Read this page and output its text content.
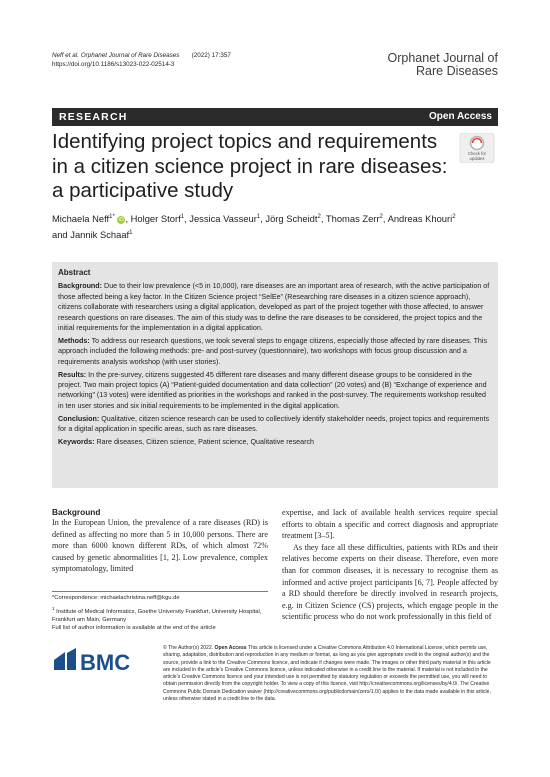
Neff et al. Orphanet Journal of Rare Diseases (2022) 17:357
https://doi.org/10.1186/s13023-022-02514-3	Orphanet Journal of
Rare Diseases
RESEARCH	Open Access
Identifying project topics and requirements
in a citizen science project in rare diseases:
a participative study
Check for
updates
Michaela Neff$^{1*}$ iD , Holger Storf$^1$, Jessica Vasseur$^1$, Jörg Scheidt$^2$, Thomas Zerr$^2$, Andreas Khouri$^2$ and Jannik Schaaf$^1$
Abstract

Background: Due to their low prevalence (<5 in 10,000), rare diseases are an important area of research, with the active participation of those affected being a key factor. In the Citizen Science project “SelEe” (Researching rare diseases in a citizen science approach), citizens collaborate with researchers using a digital application, developed as part of the project together with those affected, to answer research questions on rare diseases. The aim of this study was to define the rare diseases to be considered, the project topics and the initial requirements for the implementation in a digital application.

Methods: To address our research questions, we took several steps to engage citizens, especially those affected by rare diseases. This approach included the following methods: pre- and post-survey (questionnaire), two workshops with focus group discussion and a requirements analysis workshop (with user stories).

Results: In the pre-survey, citizens suggested 45 different rare diseases and many different disease groups to be considered in the project. Two main project topics (A) “Patient-guided documentation and data collection” (20 votes) and (B) “Exchange of experience and networking” (13 votes) were identified as priorities in the workshops and ranked in the post-survey. The requirements workshop resulted in ten user stories and six initial requirements to be implemented in the digital application.

Conclusion: Qualitative, citizen science research can be used to collectively identify stakeholder needs, project topics and requirements for a digital application in specific areas, such as rare diseases.

Keywords: Rare diseases, Citizen science, Patient science, Qualitative research

Background

In the European Union, the prevalence of a rare diseases (RD) is defined as affecting no more than 5 in 10,000 persons. There are more than 6000 known different RDs, of which almost 72% caused by genetic abnormalities [1, 2]. Low prevalence, complex symptomatology, limited

expertise, and lack of available health services require special efforts to obtain a specific and correct diagnosis and appropriate treatment [3–5].

As they face all these difficulties, patients with RDs and their relatives become experts on their disease. Therefore, even more than for common diseases, it is necessary to recognise them as informed and active project participants [6, 7]. People affected by a RD should therefore be directly involved in research projects, e.g. in Citizen Science (CS) projects, which engage people in the scientific process who do not work professionally in this field of

*Correspondence: michaelachristina.neff@kgu.de

$^1$ Institute of Medical Informatics, Goethe University Frankfurt, University Hospital, Frankfurt am Main, Germany
Full list of author information is available at the end of the article

BMC
© The Author(s) 2022. Open Access This article is licensed under a Creative Commons Attribution 4.0 International License, which permits use, sharing, adaptation, distribution and reproduction in any medium or format, as long as you give appropriate credit to the original author(s) and the source, provide a link to the Creative Commons licence, and indicate if changes were made. The images or other third party material in this article are included in the article’s Creative Commons licence, unless indicated otherwise in a credit line to the material. If material is not included in the article’s Creative Commons licence and your intended use is not permitted by statutory regulation or exceeds the permitted use, you will need to obtain permission directly from the copyright holder. To view a copy of this licence, visit http://creativecommons.org/licenses/by/4.0/. The Creative Commons Public Domain Dedication waiver (http://creativecommons.org/publicdomain/zero/1.0/) applies to the data made available in this article, unless otherwise stated in a credit line to the data.
